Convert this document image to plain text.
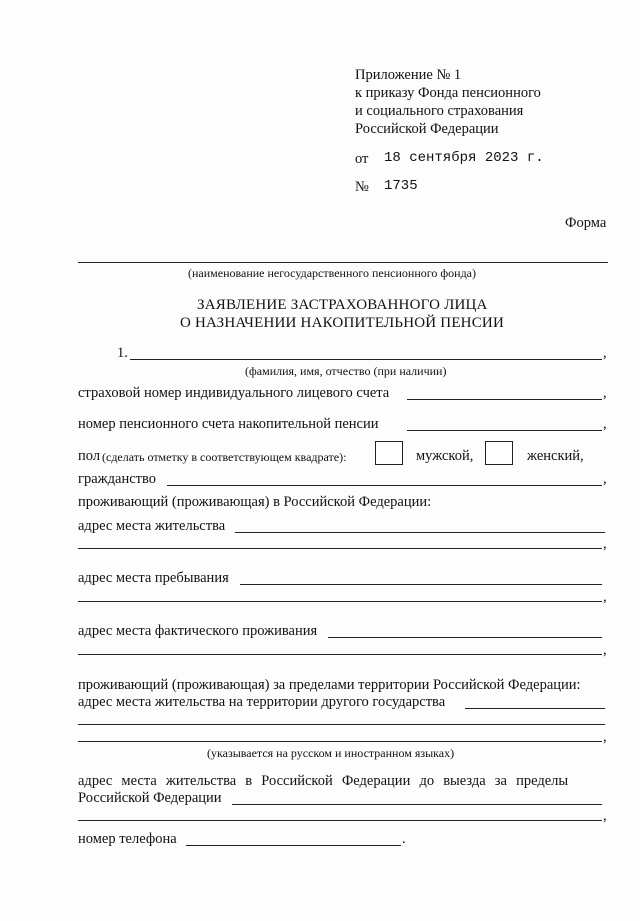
Приложение № 1
к приказу Фонда пенсионного
и социального страхования
Российской Федерации
от 18 сентября 2023 г.
№ 1735
Форма
(наименование негосударственного пенсионного фонда)
ЗАЯВЛЕНИЕ ЗАСТРАХОВАННОГО ЛИЦА
О НАЗНАЧЕНИИ НАКОПИТЕЛЬНОЙ ПЕНСИИ
1.	,
(фамилия, имя, отчество (при наличии)
страховой номер индивидуального лицевого счета	,
номер пенсионного счета накопительной пенсии	,
пол (сделать отметку в соответствующем квадрате):	мужской,	женский,
гражданство	,
проживающий (проживающая) в Российской Федерации:
адрес места жительства
,
адрес места пребывания
,
адрес места фактического проживания
,
проживающий (проживающая) за пределами территории Российской Федерации:
адрес места жительства на территории другого государства
,
(указывается на русском и иностранном языках)
адрес места жительства в Российской Федерации до выезда за пределы
Российской Федерации
,
номер телефона	.
